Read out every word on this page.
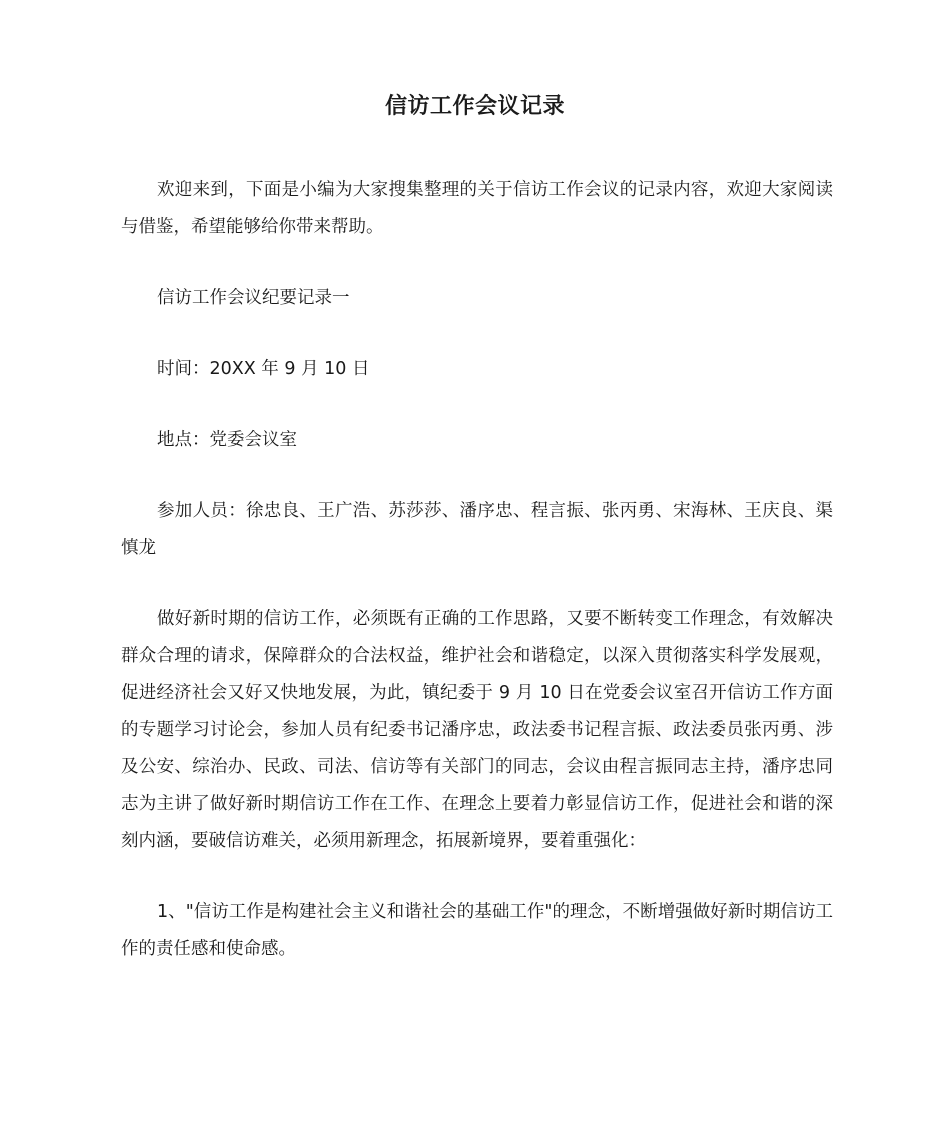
信访工作会议记录

欢迎来到，下面是小编为大家搜集整理的关于信访工作会议的记录内容，欢迎大家阅读与借鉴，希望能够给你带来帮助。

信访工作会议纪要记录一

时间：20XX 年 9 月 10 日

地点：党委会议室

参加人员：徐忠良、王广浩、苏莎莎、潘序忠、程言振、张丙勇、宋海林、王庆良、渠慎龙

做好新时期的信访工作，必须既有正确的工作思路，又要不断转变工作理念，有效解决群众合理的请求，保障群众的合法权益，维护社会和谐稳定，以深入贯彻落实科学发展观，促进经济社会又好又快地发展，为此，镇纪委于 9 月 10 日在党委会议室召开信访工作方面的专题学习讨论会，参加人员有纪委书记潘序忠，政法委书记程言振、政法委员张丙勇、涉及公安、综治办、民政、司法、信访等有关部门的同志，会议由程言振同志主持，潘序忠同志为主讲了做好新时期信访工作在工作、在理念上要着力彰显信访工作，促进社会和谐的深刻内涵，要破信访难关，必须用新理念，拓展新境界，要着重强化：

1、"信访工作是构建社会主义和谐社会的基础工作"的理念，不断增强做好新时期信访工作的责任感和使命感。
